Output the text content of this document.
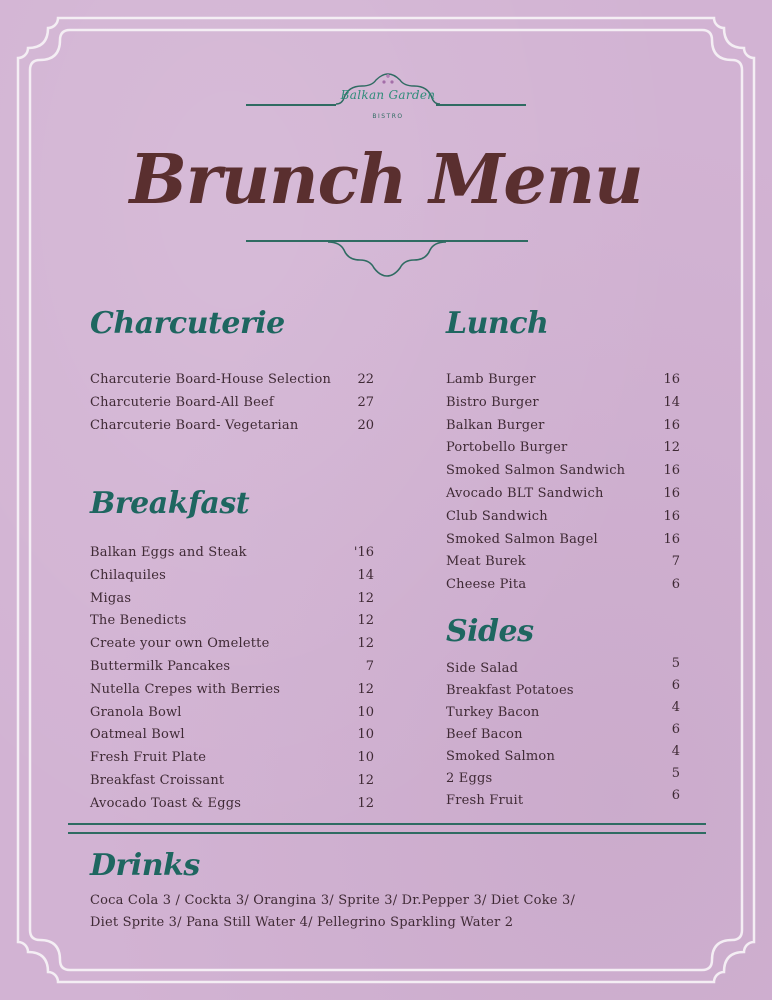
Balkan Garden
BISTRO
Brunch Menu
Charcuterie
Charcuterie Board-House Selection 22
Charcuterie Board-All Beef	27
Charcuterie Board- Vegetarian	20
Breakfast
Balkan Eggs and Steak	'16
Chilaquiles	14
Migas	12
The Benedicts	12
Create your own Omelette	12
Buttermilk Pancakes	7
Nutella Crepes with Berries	12
Granola Bowl	10
Oatmeal Bowl	10
Fresh Fruit Plate	10
Breakfast Croissant	12
Avocado Toast & Eggs	12
Lunch
Lamb Burger	16
Bistro Burger	14
Balkan Burger	16
Portobello Burger	12
Smoked Salmon Sandwich	16
Avocado BLT Sandwich	16
Club Sandwich	16
Smoked Salmon Bagel	16
Meat Burek	7
Cheese Pita	6
Sides
Side Salad	5
Breakfast Potatoes	6
Turkey Bacon	4
Beef Bacon	6
Smoked Salmon	4
2 Eggs	5
Fresh Fruit	6
Drinks
Coca Cola 3 / Cockta 3/ Orangina 3/ Sprite 3/ Dr.Pepper 3/ Diet Coke 3/
Diet Sprite 3/ Pana Still Water 4/ Pellegrino Sparkling Water 2
